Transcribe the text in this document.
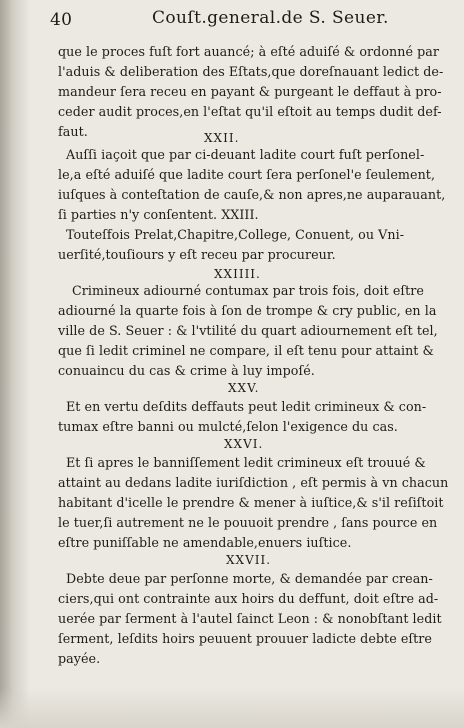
40	Couſt.general.de S. Seuer.
que le proces fuſt fort auancé; à eſté aduiſé & ordonné par
l'aduis & deliberation des Eſtats,que doreſnauant ledict de-
mandeur ſera receu en payant & purgeant le deffaut à pro-
ceder audit proces,en l'eſtat qu'il eſtoit au temps dudit def-
faut.	XXII.
Auſſi iaçoit que par ci-deuant ladite court fuſt perſonel-
le,a eſté aduiſé que ladite court ſera perſonel'e ſeulement,
iuſques à conteſtation de cauſe,& non apres,ne auparauant,
ſi parties n'y conſentent. XXIII.
Touteſfois Prelat,Chapitre,College, Conuent, ou Vni-
uerſité,touſiours y eſt receu par procureur.
XXIIII.
Crimineux adiourné contumax par trois fois, doit eſtre
adiourné la quarte fois à ſon de trompe & cry public, en la
ville de S. Seuer : & l'vtilité du quart adiournement eſt tel,
que ſi ledit criminel ne compare, il eſt tenu pour attaint &
conuaincu du cas & crime à luy impoſé.
XXV.
Et en vertu deſdits deffauts peut ledit crimineux & con-
tumax eſtre banni ou mulcté,ſelon l'exigence du cas.
XXVI.
Et ſi apres le banniſſement ledit crimineux eſt trouué &
attaint au dedans ladite iuriſdiction , eſt permis à vn chacun
habitant d'icelle le prendre & mener à iuſtice,& s'il reſiſtoit
le tuer,ſi autrement ne le pouuoit prendre , ſans pource en
eſtre puniſſable ne amendable,enuers iuſtice.
XXVII.
Debte deue par perſonne morte, & demandée par crean-
ciers,qui ont contrainte aux hoirs du deffunt, doit eſtre ad-
uerée par ſerment à l'autel ſainct Leon : & nonobſtant ledit
ſerment, leſdits hoirs peuuent prouuer ladicte debte eſtre
payée.
